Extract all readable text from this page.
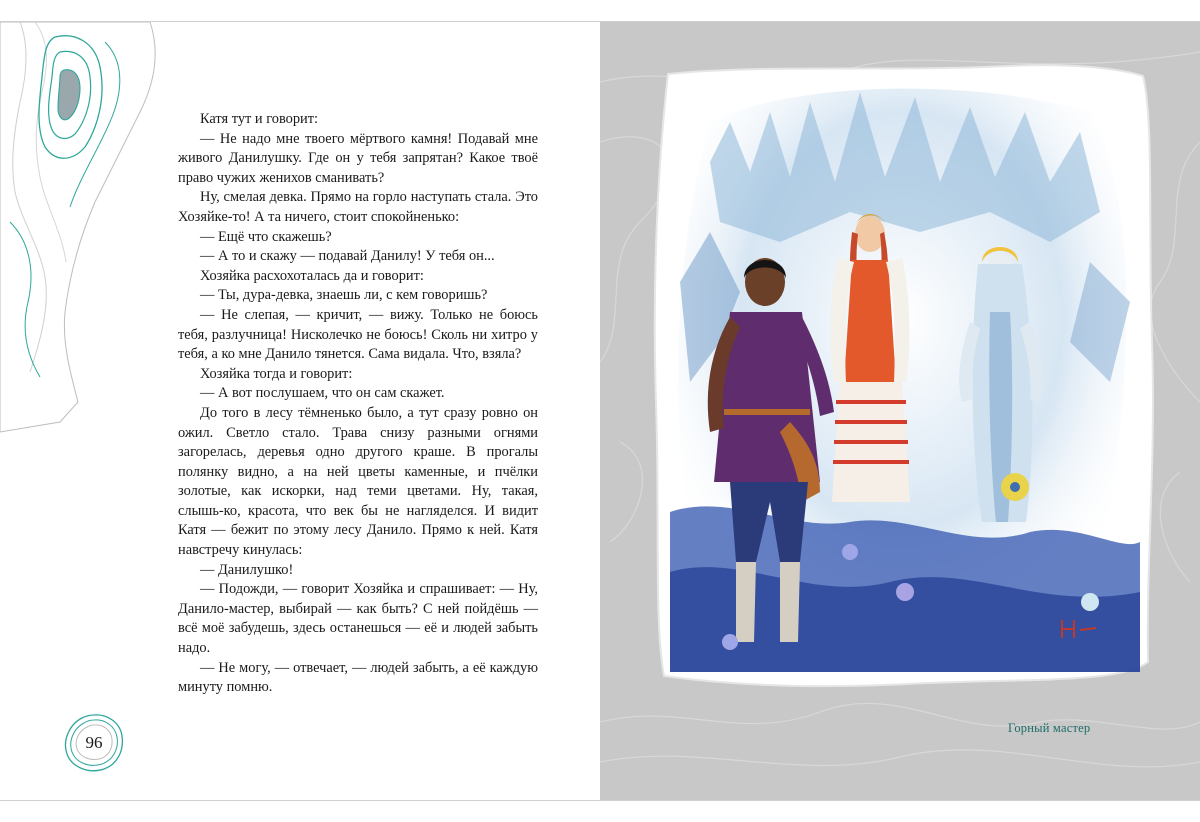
Катя тут и говорит:

— Не надо мне твоего мёртвого камня! Подавай мне живого Данилушку. Где он у тебя запрятан? Какое твоё право чужих женихов сманивать?

Ну, смелая девка. Прямо на горло наступать стала. Это Хозяйке-то! А та ничего, стоит спокойненько:

— Ещё что скажешь?

— А то и скажу — подавай Данилу! У тебя он...

Хозяйка расхохоталась да и говорит:

— Ты, дура-девка, знаешь ли, с кем говоришь?

— Не слепая, — кричит, — вижу. Только не боюсь тебя, разлучница! Нисколечко не боюсь! Сколь ни хитро у тебя, а ко мне Данило тянется. Сама видала. Что, взяла?

Хозяйка тогда и говорит:

— А вот послушаем, что он сам скажет.

До того в лесу тёмненько было, а тут сразу ровно он ожил. Светло стало. Трава снизу разными огнями загорелась, деревья одно другого краше. В прогалы полянку видно, а на ней цветы каменные, и пчёлки золотые, как искорки, над теми цветами. Ну, такая, слышь-ко, красота, что век бы не нагляделся. И видит Катя — бежит по этому лесу Данило. Прямо к ней. Катя навстречу кинулась:

— Данилушко!

— Подожди, — говорит Хозяйка и спрашивает: — Ну, Данило-мастер, выбирай — как быть? С ней пойдёшь — всё моё забудешь, здесь останешься — её и людей забыть надо.

— Не могу, — отвечает, — людей забыть, а её каждую минуту помню.

96
Горный мастер
